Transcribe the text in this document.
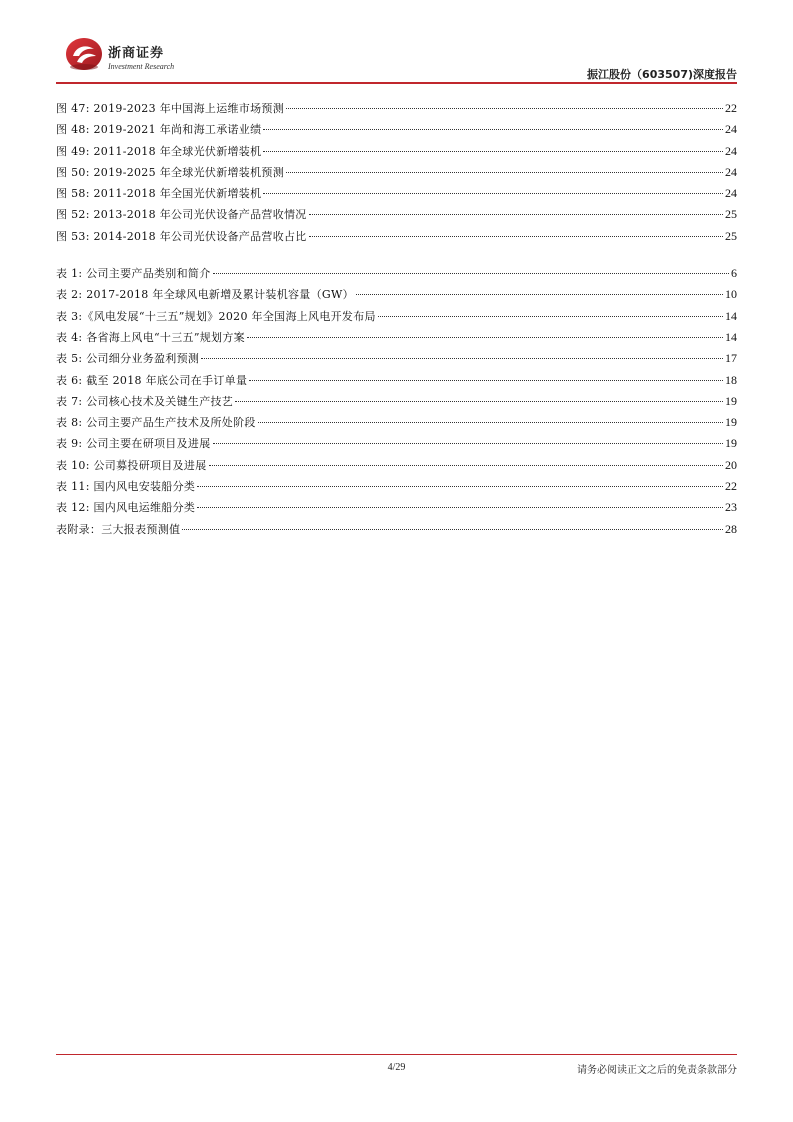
浙商证券
Investment Research
振江股份（603507)深度报告
图 47: 2019-2023 年中国海上运维市场预测	22
图 48: 2019-2021 年尚和海工承诺业绩	24
图 49: 2011-2018 年全球光伏新增装机	24
图 50: 2019-2025 年全球光伏新增装机预测	24
图 58: 2011-2018 年全国光伏新增装机	24
图 52: 2013-2018 年公司光伏设备产品营收情况	25
图 53: 2014-2018 年公司光伏设备产品营收占比	25
表 1: 公司主要产品类别和简介	6
表 2: 2017-2018 年全球风电新增及累计装机容量（GW）	10
表 3:《风电发展“十三五”规划》2020 年全国海上风电开发布局	14
表 4: 各省海上风电“十三五”规划方案	14
表 5: 公司细分业务盈利预测	17
表 6: 截至 2018 年底公司在手订单量	18
表 7: 公司核心技术及关键生产技艺	19
表 8: 公司主要产品生产技术及所处阶段	19
表 9: 公司主要在研项目及进展	19
表 10: 公司募投研项目及进展	20
表 11: 国内风电安装船分类	22
表 12: 国内风电运维船分类	23
表附录：三大报表预测值	28
4/29	请务必阅读正文之后的免责条款部分
